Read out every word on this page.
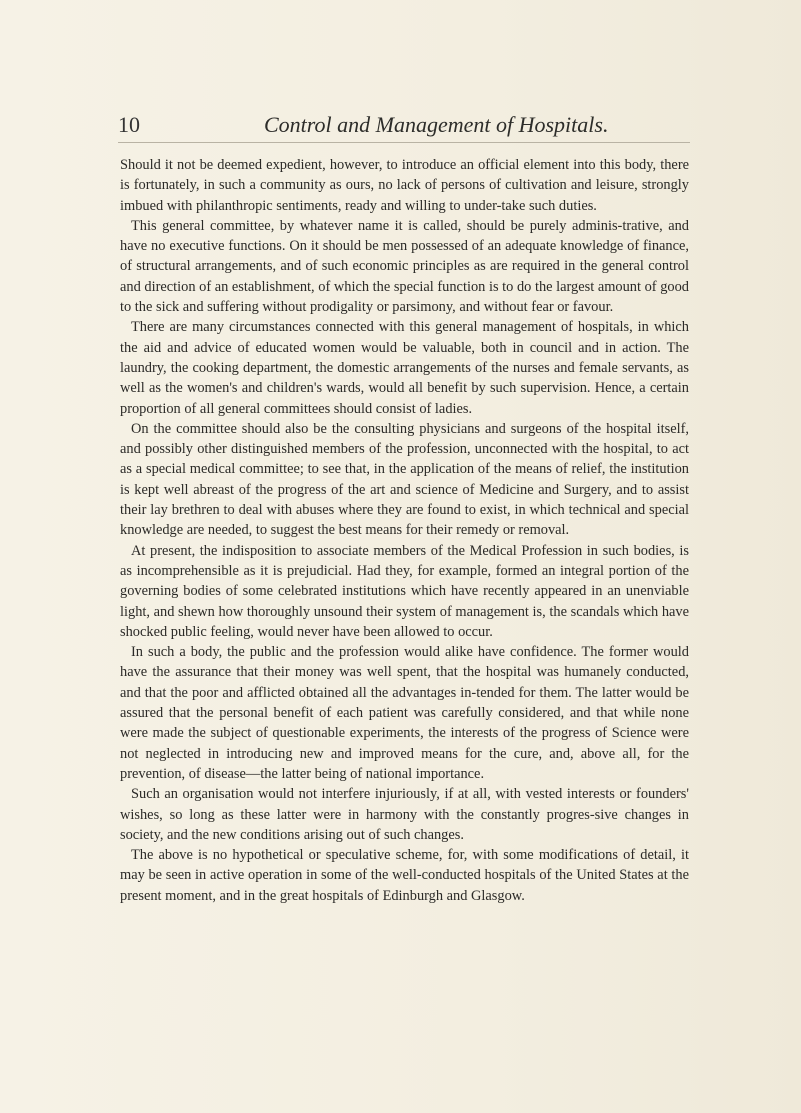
10	Control and Management of Hospitals.

Should it not be deemed expedient, however, to introduce an official element into this body, there is fortunately, in such a community as ours, no lack of persons of cultivation and leisure, strongly imbued with philanthropic sentiments, ready and willing to under-take such duties.

This general committee, by whatever name it is called, should be purely adminis-trative, and have no executive functions. On it should be men possessed of an adequate knowledge of finance, of structural arrangements, and of such economic principles as are required in the general control and direction of an establishment, of which the special function is to do the largest amount of good to the sick and suffering without prodigality or parsimony, and without fear or favour.

There are many circumstances connected with this general management of hospitals, in which the aid and advice of educated women would be valuable, both in council and in action. The laundry, the cooking department, the domestic arrangements of the nurses and female servants, as well as the women's and children's wards, would all benefit by such supervision. Hence, a certain proportion of all general committees should consist of ladies.

On the committee should also be the consulting physicians and surgeons of the hospital itself, and possibly other distinguished members of the profession, unconnected with the hospital, to act as a special medical committee; to see that, in the application of the means of relief, the institution is kept well abreast of the progress of the art and science of Medicine and Surgery, and to assist their lay brethren to deal with abuses where they are found to exist, in which technical and special knowledge are needed, to suggest the best means for their remedy or removal.

At present, the indisposition to associate members of the Medical Profession in such bodies, is as incomprehensible as it is prejudicial. Had they, for example, formed an integral portion of the governing bodies of some celebrated institutions which have recently appeared in an unenviable light, and shewn how thoroughly unsound their system of management is, the scandals which have shocked public feeling, would never have been allowed to occur.

In such a body, the public and the profession would alike have confidence. The former would have the assurance that their money was well spent, that the hospital was humanely conducted, and that the poor and afflicted obtained all the advantages in-tended for them. The latter would be assured that the personal benefit of each patient was carefully considered, and that while none were made the subject of questionable experiments, the interests of the progress of Science were not neglected in introducing new and improved means for the cure, and, above all, for the prevention, of disease—the latter being of national importance.

Such an organisation would not interfere injuriously, if at all, with vested interests or founders' wishes, so long as these latter were in harmony with the constantly progres-sive changes in society, and the new conditions arising out of such changes.

The above is no hypothetical or speculative scheme, for, with some modifications of detail, it may be seen in active operation in some of the well-conducted hospitals of the United States at the present moment, and in the great hospitals of Edinburgh and Glasgow.
